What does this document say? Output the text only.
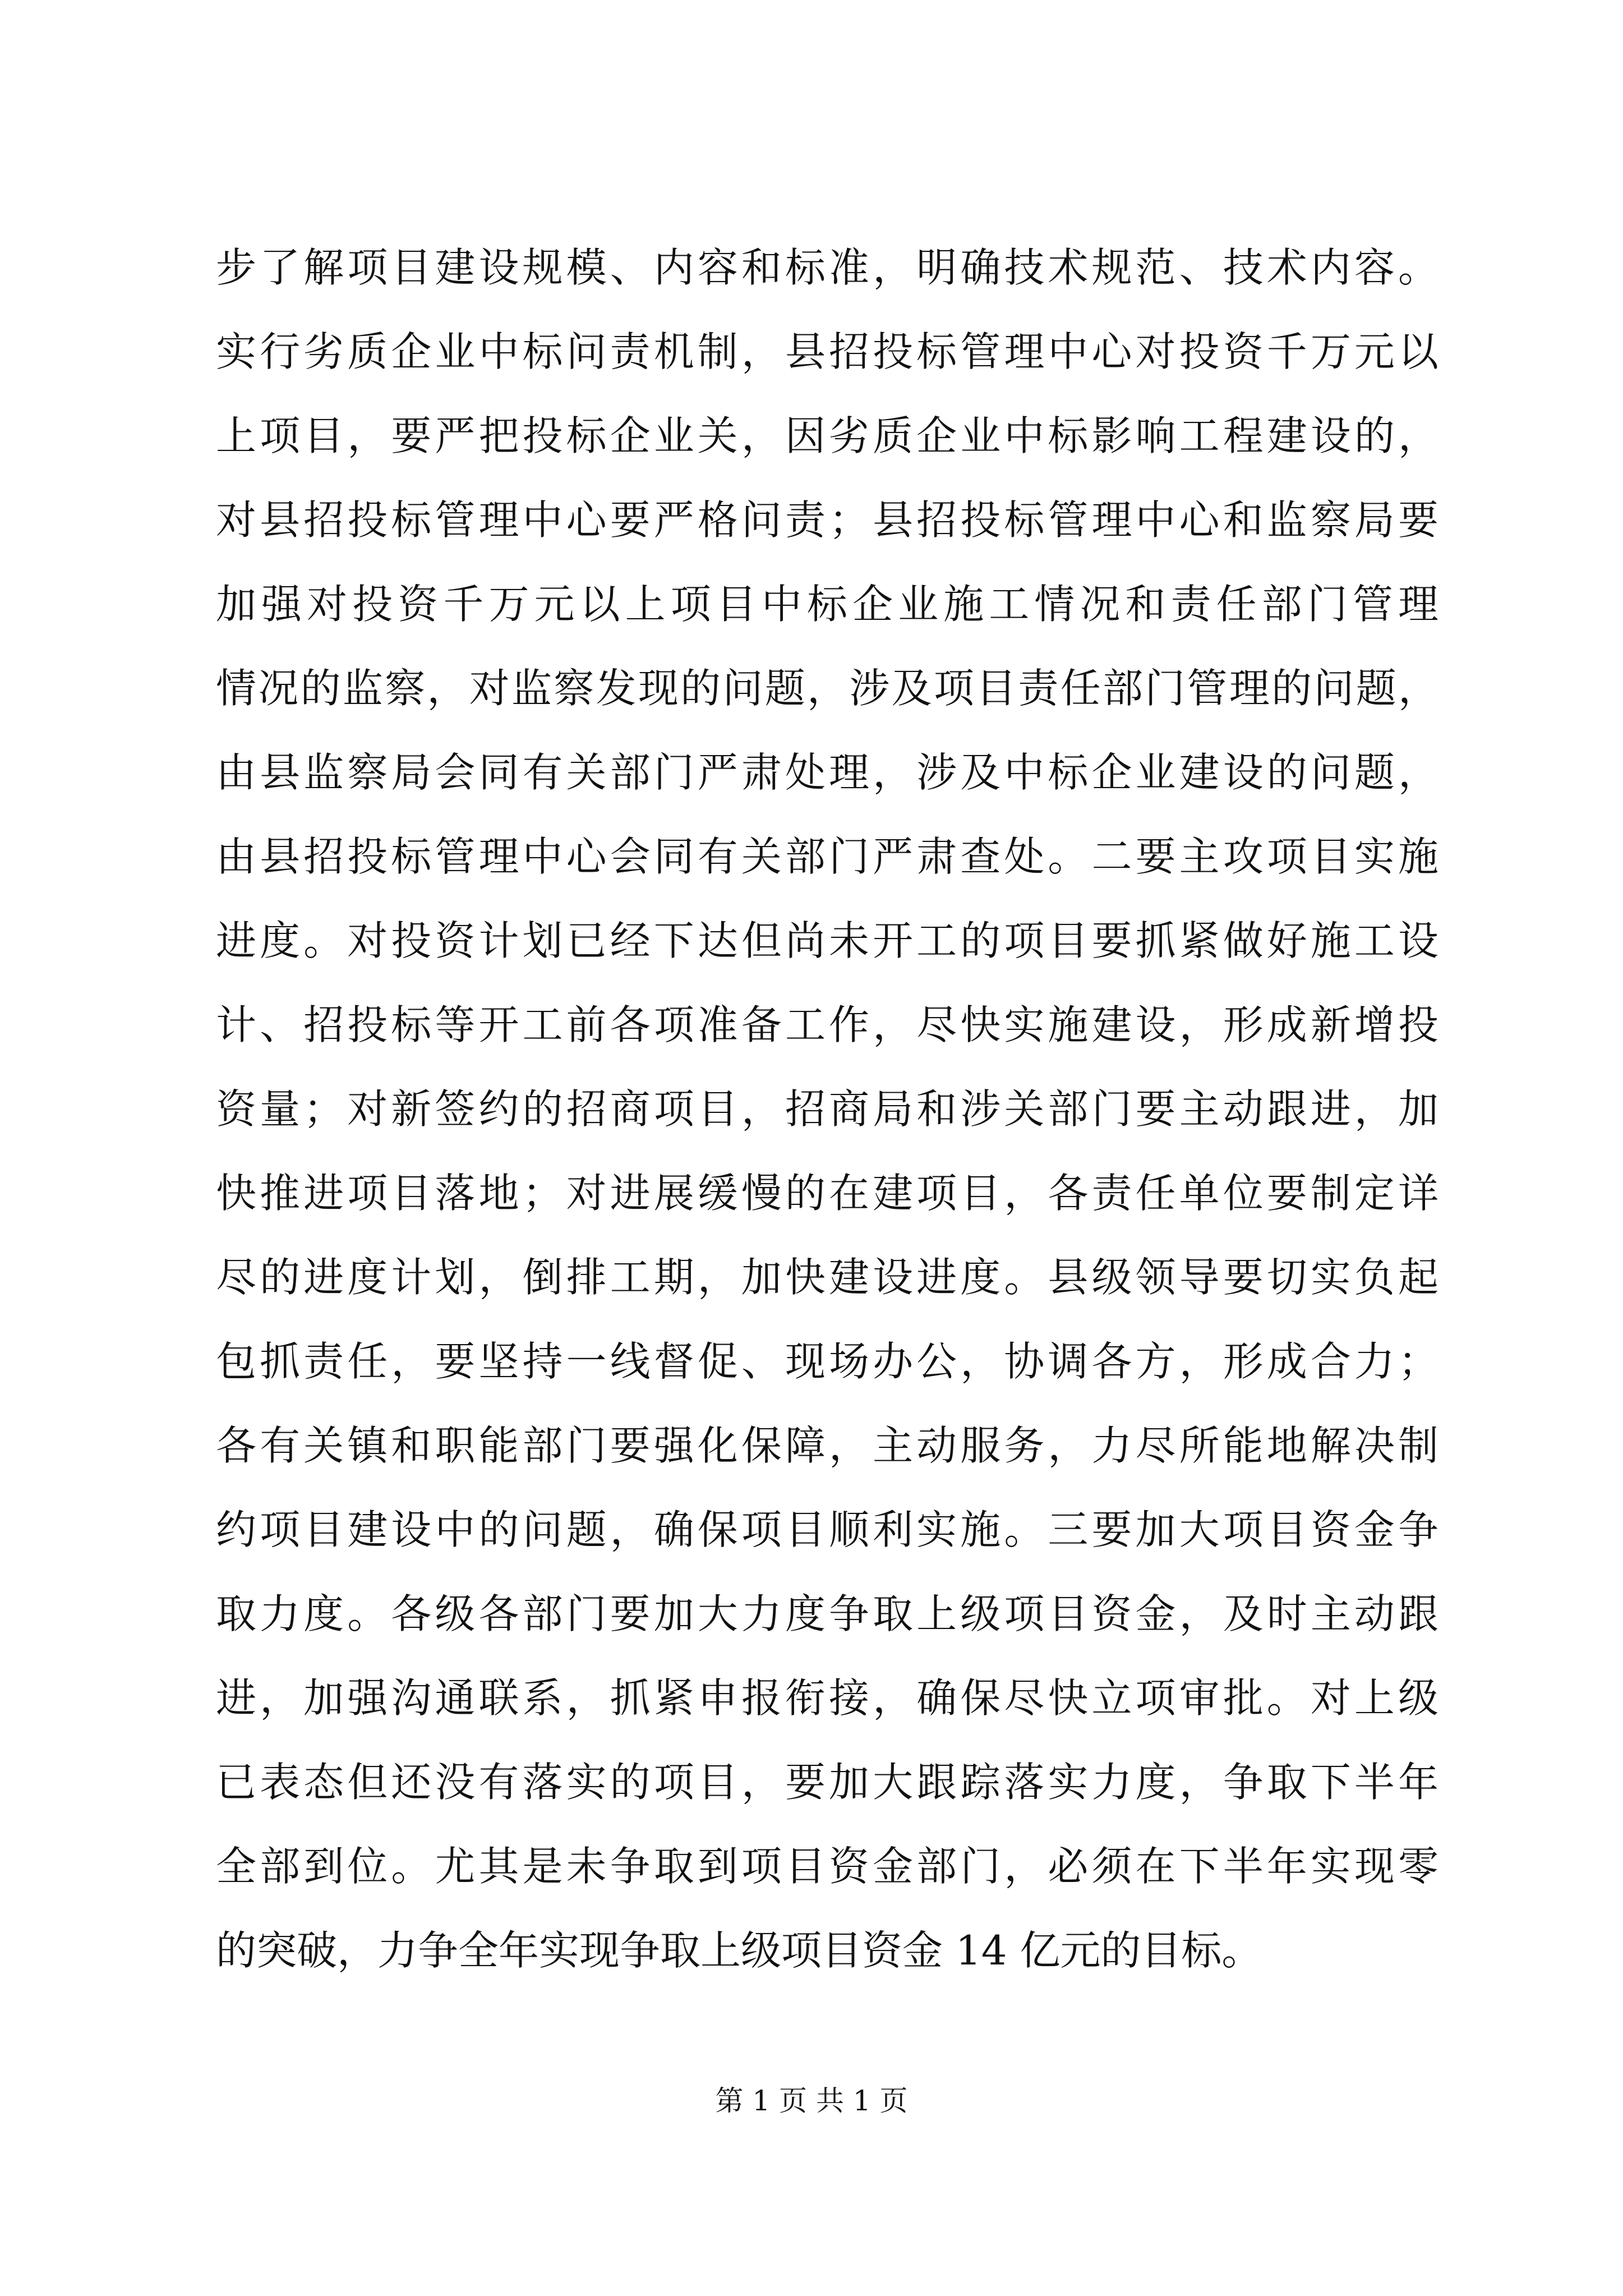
步了解项目建设规模、内容和标准，明确技术规范、技术内容。
实行劣质企业中标问责机制，县招投标管理中心对投资千万元以
上项目，要严把投标企业关，因劣质企业中标影响工程建设的，
对县招投标管理中心要严格问责；县招投标管理中心和监察局要
加强对投资千万元以上项目中标企业施工情况和责任部门管理
情况的监察，对监察发现的问题，涉及项目责任部门管理的问题，
由县监察局会同有关部门严肃处理，涉及中标企业建设的问题，
由县招投标管理中心会同有关部门严肃查处。二要主攻项目实施
进度。对投资计划已经下达但尚未开工的项目要抓紧做好施工设
计、招投标等开工前各项准备工作，尽快实施建设，形成新增投
资量；对新签约的招商项目，招商局和涉关部门要主动跟进，加
快推进项目落地；对进展缓慢的在建项目，各责任单位要制定详
尽的进度计划，倒排工期，加快建设进度。县级领导要切实负起
包抓责任，要坚持一线督促、现场办公，协调各方，形成合力；
各有关镇和职能部门要强化保障，主动服务，力尽所能地解决制
约项目建设中的问题，确保项目顺利实施。三要加大项目资金争
取力度。各级各部门要加大力度争取上级项目资金，及时主动跟
进，加强沟通联系，抓紧申报衔接，确保尽快立项审批。对上级
已表态但还没有落实的项目，要加大跟踪落实力度，争取下半年
全部到位。尤其是未争取到项目资金部门，必须在下半年实现零
的突破，力争全年实现争取上级项目资金 14 亿元的目标。
第 1 页 共 1 页
